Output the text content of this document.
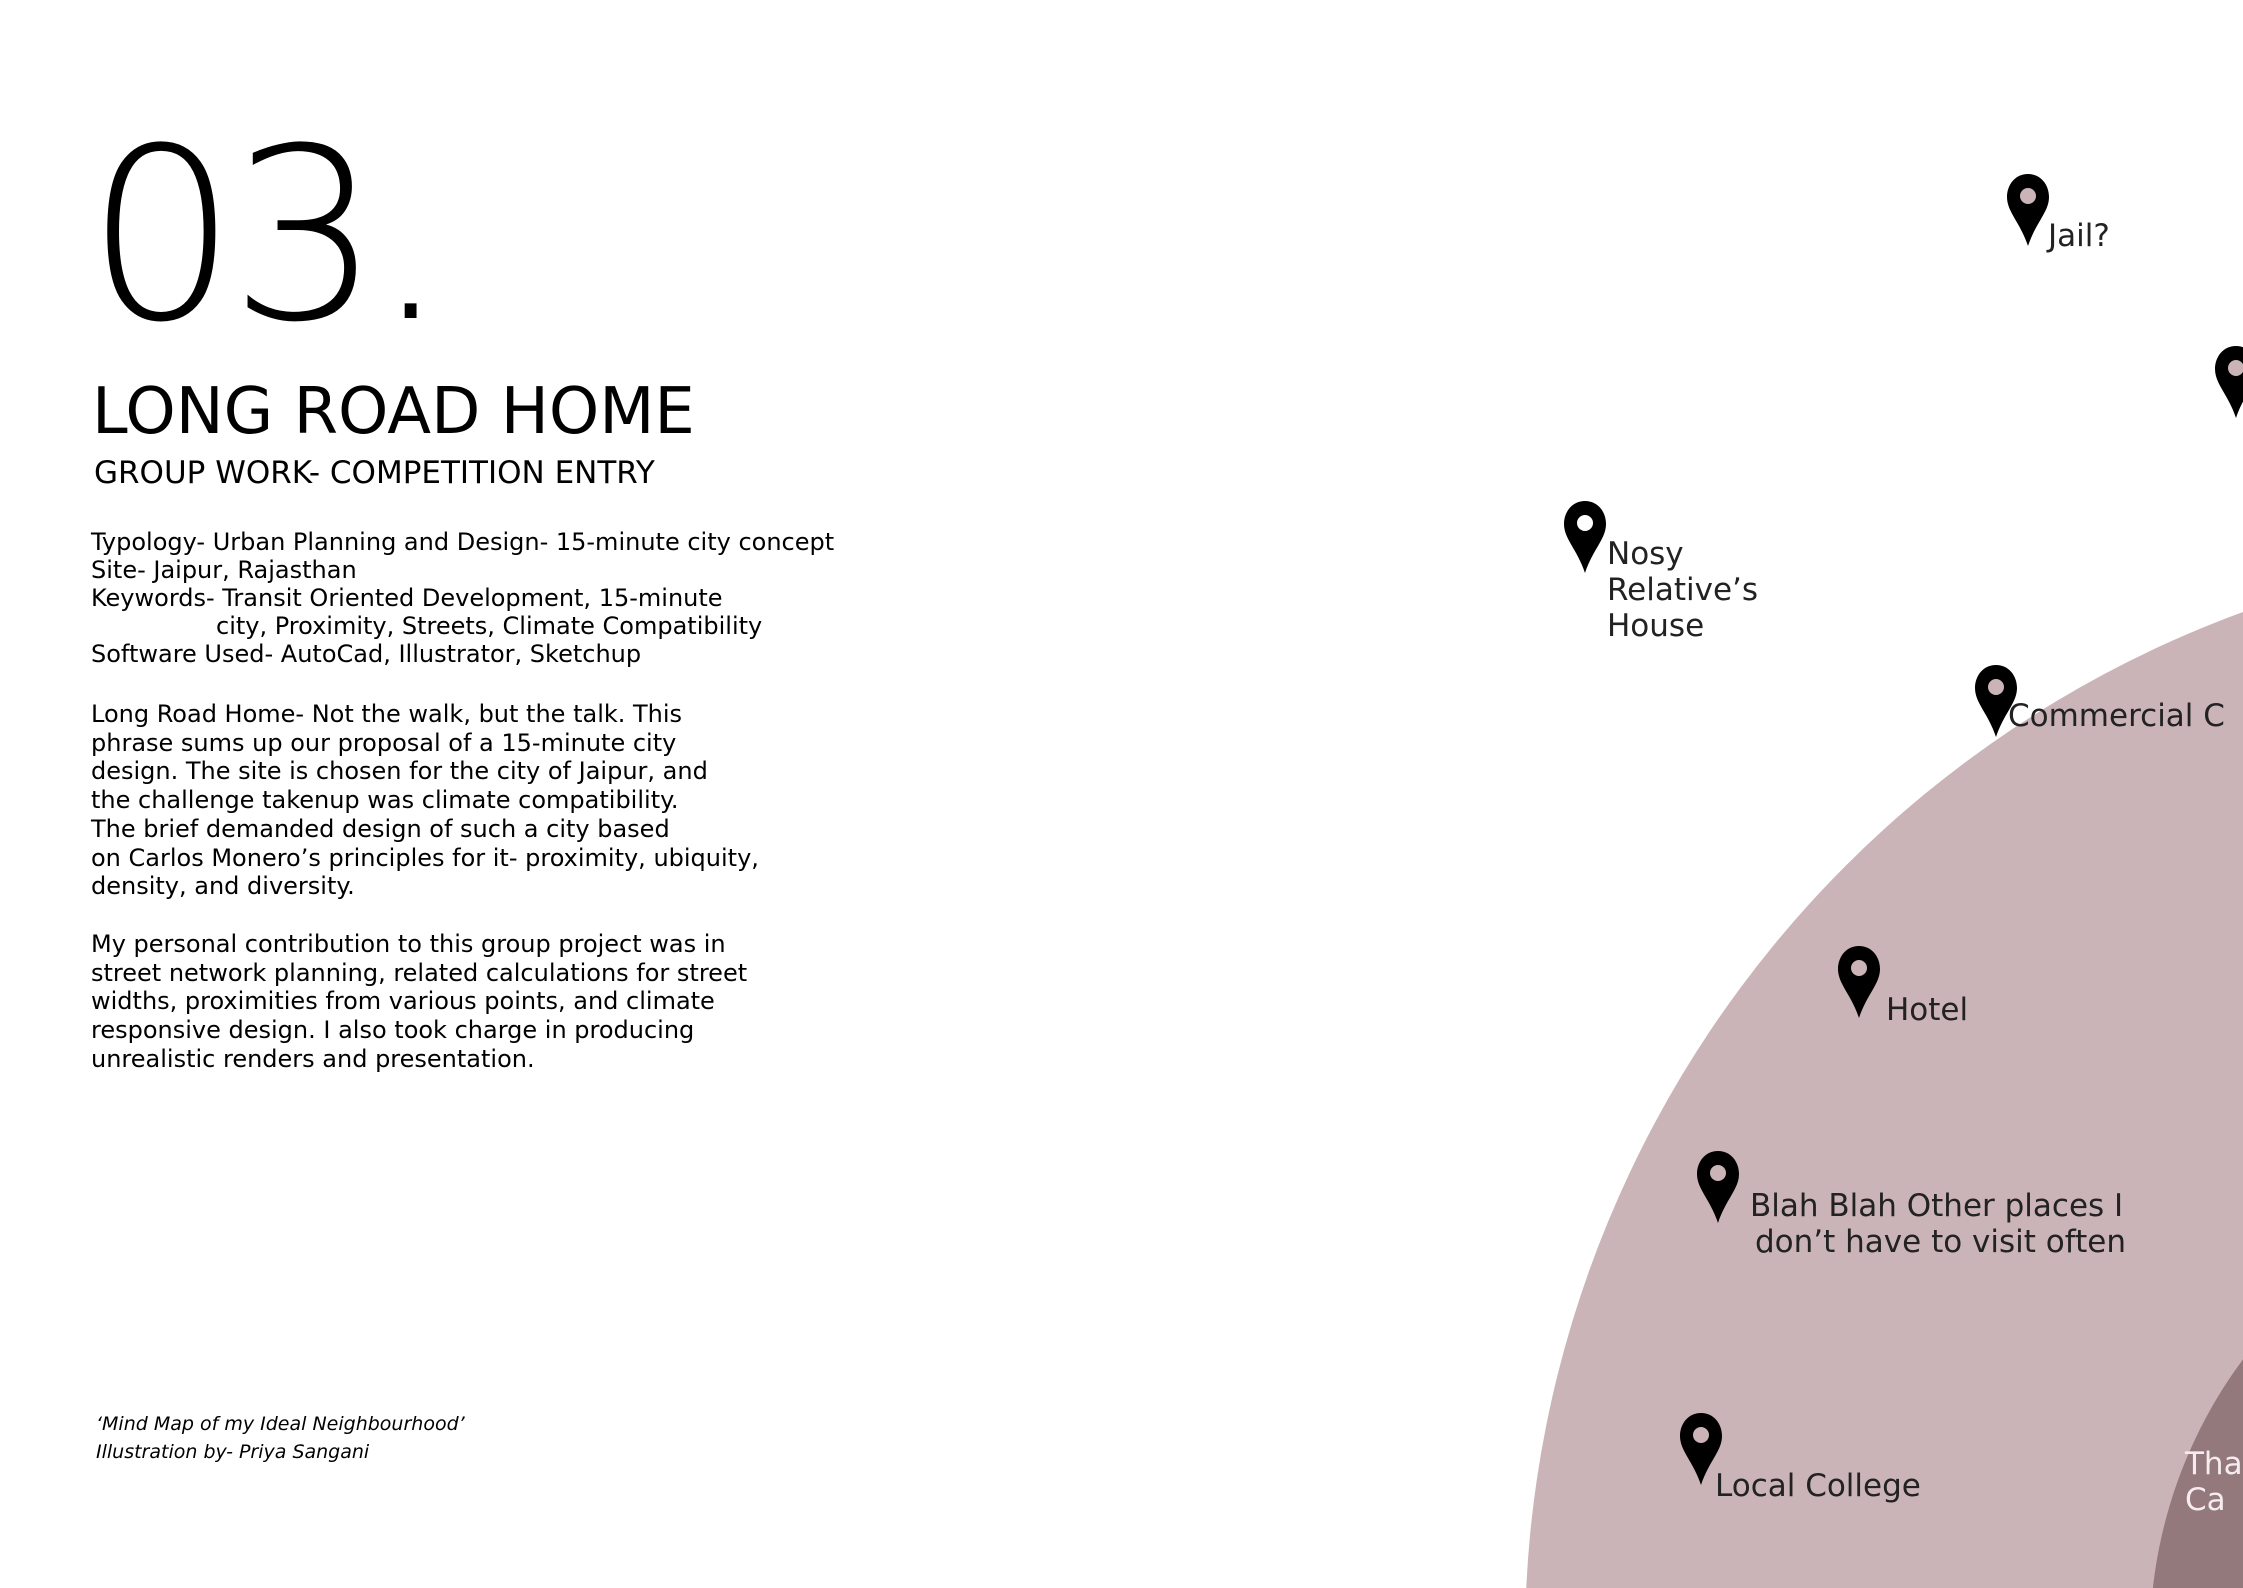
03.
LONG ROAD HOME
GROUP WORK- COMPETITION ENTRY
Typology- Urban Planning and Design- 15-minute city concept
Site- Jaipur, Rajasthan
Keywords- Transit Oriented Development, 15-minute
city, Proximity, Streets, Climate Compatibility
Software Used- AutoCad, Illustrator, Sketchup
Long Road Home- Not the walk, but the talk. This
phrase sums up our proposal of a 15-minute city
design. The site is chosen for the city of Jaipur, and
the challenge takenup was climate compatibility.
The brief demanded design of such a city based
on Carlos Monero’s principles for it- proximity, ubiquity,
density, and diversity.
My personal contribution to this group project was in
street network planning, related calculations for street
widths, proximities from various points, and climate
responsive design. I also took charge in producing
unrealistic renders and presentation.
‘Mind Map of my Ideal Neighbourhood’
Illustration by- Priya Sangani
Jail?
Nosy
Relative’s
House
Commercial C
Hotel
Blah Blah Other places I
don’t have to visit often
Local College
Tha
Ca
